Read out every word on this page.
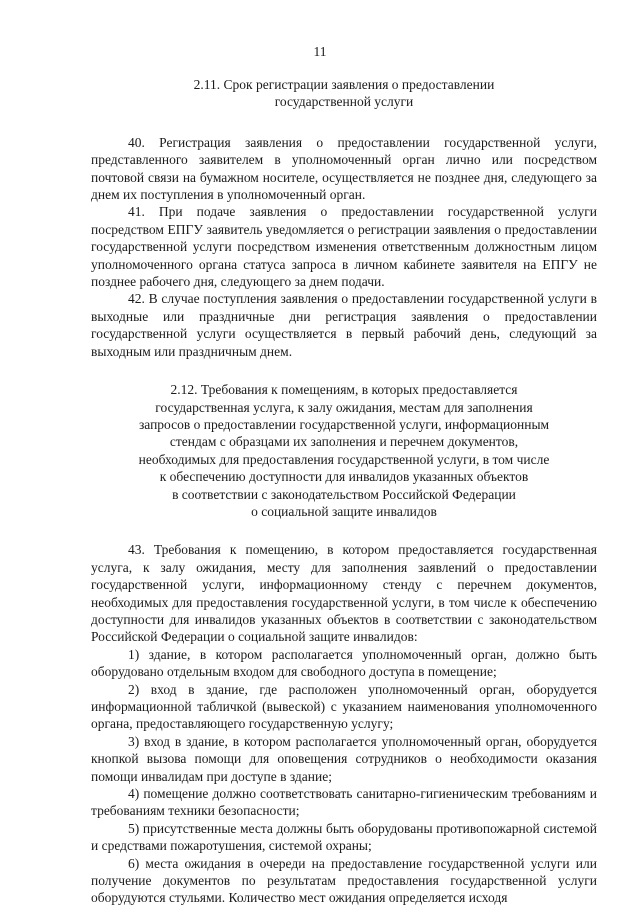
11
2.11. Срок регистрации заявления о предоставлении
государственной услуги

40. Регистрация заявления о предоставлении государственной услуги, представленного заявителем в уполномоченный орган лично или посредством почтовой связи на бумажном носителе, осуществляется не позднее дня, следующего за днем их поступления в уполномоченный орган.

41. При подаче заявления о предоставлении государственной услуги посредством ЕПГУ заявитель уведомляется о регистрации заявления о предоставлении государственной услуги посредством изменения ответственным должностным лицом уполномоченного органа статуса запроса в личном кабинете заявителя на ЕПГУ не позднее рабочего дня, следующего за днем подачи.

42. В случае поступления заявления о предоставлении государственной услуги в выходные или праздничные дни регистрация заявления о предоставлении государственной услуги осуществляется в первый рабочий день, следующий за выходным или праздничным днем.

2.12. Требования к помещениям, в которых предоставляется
государственная услуга, к залу ожидания, местам для заполнения
запросов о предоставлении государственной услуги, информационным
стендам с образцами их заполнения и перечнем документов,
необходимых для предоставления государственной услуги, в том числе
к обеспечению доступности для инвалидов указанных объектов
в соответствии с законодательством Российской Федерации
о социальной защите инвалидов

43. Требования к помещению, в котором предоставляется государственная услуга, к залу ожидания, месту для заполнения заявлений о предоставлении государственной услуги, информационному стенду с перечнем документов, необходимых для предоставления государственной услуги, в том числе к обеспечению доступности для инвалидов указанных объектов в соответствии с законодательством Российской Федерации о социальной защите инвалидов:

1) здание, в котором располагается уполномоченный орган, должно быть оборудовано отдельным входом для свободного доступа в помещение;

2) вход в здание, где расположен уполномоченный орган, оборудуется информационной табличкой (вывеской) с указанием наименования уполномоченного органа, предоставляющего государственную услугу;

3) вход в здание, в котором располагается уполномоченный орган, оборудуется кнопкой вызова помощи для оповещения сотрудников о необходимости оказания помощи инвалидам при доступе в здание;

4) помещение должно соответствовать санитарно-гигиеническим требованиям и требованиям техники безопасности;

5) присутственные места должны быть оборудованы противопожарной системой и средствами пожаротушения, системой охраны;

6) места ожидания в очереди на предоставление государственной услуги или получение документов по результатам предоставления государственной услуги оборудуются стульями. Количество мест ожидания определяется исходя
